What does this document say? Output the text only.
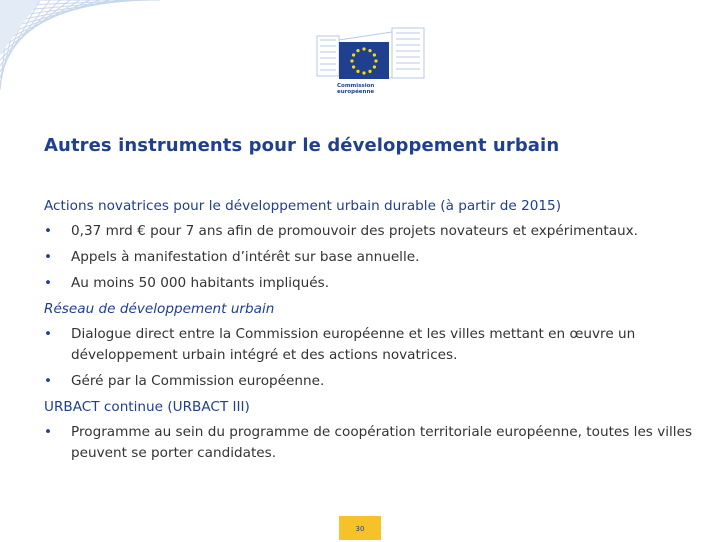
Commission
européenne
Autres instruments pour le développement urbain

Actions novatrices pour le développement urbain durable (à partir de 2015)

• 0,37 mrd € pour 7 ans afin de promouvoir des projets novateurs et expérimentaux.
• Appels à manifestation d’intérêt sur base annuelle.
• Au moins 50 000 habitants impliqués.

Réseau de développement urbain

• Dialogue direct entre la Commission européenne et les villes mettant en œuvre un développement urbain intégré et des actions novatrices.
• Géré par la Commission européenne.

URBACT continue (URBACT III)

• Programme au sein du programme de coopération territoriale européenne, toutes les villes peuvent se porter candidates.
30
